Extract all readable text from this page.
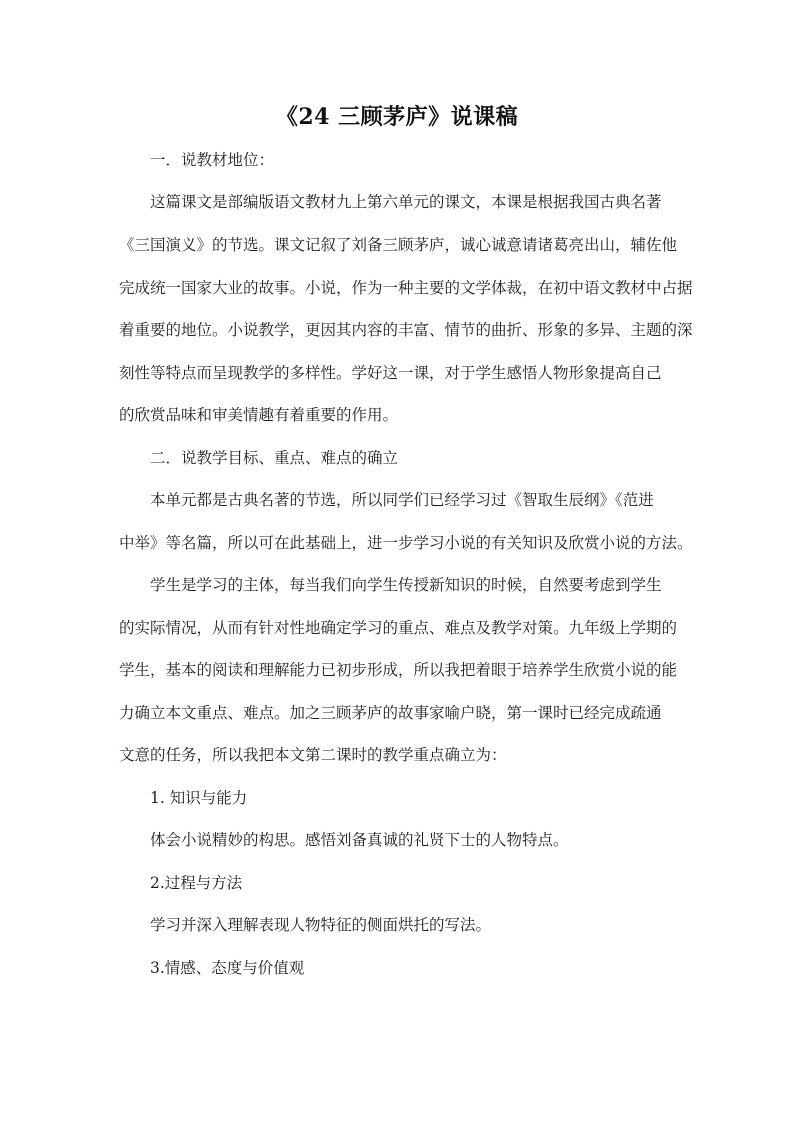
《24 三顾茅庐》说课稿
一．说教材地位：
这篇课文是部编版语文教材九上第六单元的课文，本课是根据我国古典名著
《三国演义》的节选。课文记叙了刘备三顾茅庐，诚心诚意请诸葛亮出山，辅佐他
完成统一国家大业的故事。小说，作为一种主要的文学体裁，在初中语文教材中占据
着重要的地位。小说教学，更因其内容的丰富、情节的曲折、形象的多异、主题的深
刻性等特点而呈现教学的多样性。学好这一课，对于学生感悟人物形象提高自己
的欣赏品味和审美情趣有着重要的作用。
二．说教学目标、重点、难点的确立
本单元都是古典名著的节选，所以同学们已经学习过《智取生辰纲》《范进
中举》等名篇，所以可在此基础上，进一步学习小说的有关知识及欣赏小说的方法。
学生是学习的主体，每当我们向学生传授新知识的时候，自然要考虑到学生
的实际情况，从而有针对性地确定学习的重点、难点及教学对策。九年级上学期的
学生，基本的阅读和理解能力已初步形成，所以我把着眼于培养学生欣赏小说的能
力确立本文重点、难点。加之三顾茅庐的故事家喻户晓，第一课时已经完成疏通
文意的任务，所以我把本文第二课时的教学重点确立为：
1. 知识与能力
体会小说精妙的构思。感悟刘备真诚的礼贤下士的人物特点。
2.过程与方法
学习并深入理解表现人物特征的侧面烘托的写法。
3.情感、态度与价值观
